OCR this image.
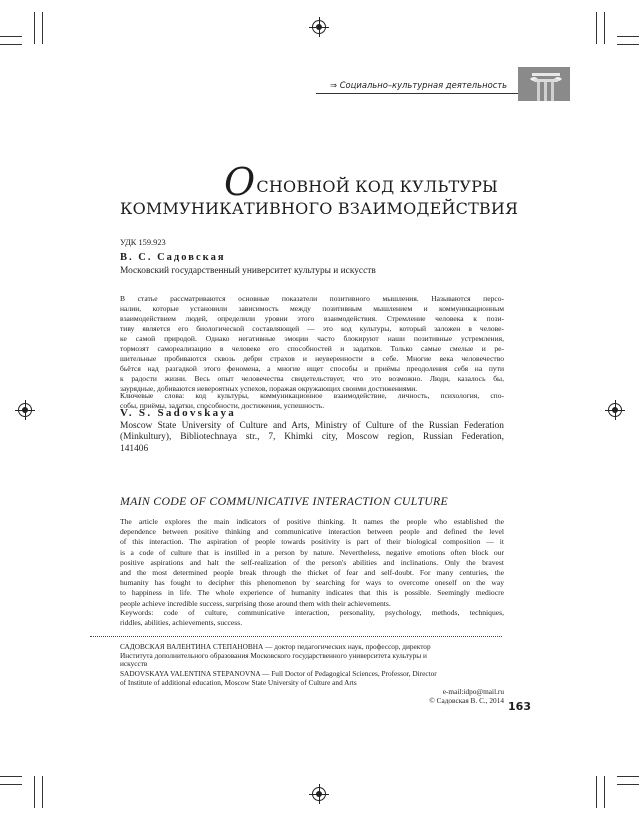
⇒ Социально–культурная деятельность
ОСНОВНОЙ КОД КУЛЬТУРЫ
КОММУНИКАТИВНОГО ВЗАИМОДЕЙСТВИЯ
УДК 159.923
В. С. Садовская
Московский государственный университет культуры и искусств
В статье рассматриваются основные показатели позитивного мышления. Называются персо-
налии, которые установили зависимость между позитивным мышлением и коммуникационным
взаимодействием людей, определили уровни этого взаимодействия. Стремление человека к пози-
тиву является его биологической составляющей — это код культуры, который заложен в челове-
ке самой природой. Однако негативные эмоции часто блокируют наши позитивные устремления,
тормозят самореализацию в человеке его способностей и задатков. Только самые смелые и ре-
шительные пробиваются сквозь дебри страхов и неуверенности в себе. Многие века человечество
бьётся над разгадкой этого феномена, а многие ищет способы и приёмы преодоления себя на пути
к радости жизни. Весь опыт человечества свидетельствует, что это возможно. Люди, казалось бы,
заурядные, добиваются невероятных успехов, поражая окружающих своими достижениями.
Ключевые слова: код культуры, коммуникационное взаимодействие, личность, психология, спо-
собы, приёмы, задатки, способности, достижения, успешность.
V. S. Sadovskaya
Moscow State University of Culture and Arts, Ministry of Culture of the Russian Federation
(Minkultury), Bibliotechnaya str., 7, Khimki city, Moscow region, Russian Federation,
141406
MAIN CODE OF COMMUNICATIVE INTERACTION CULTURE
The article explores the main indicators of positive thinking. It names the people who established the
dependence between positive thinking and communicative interaction between people and defined the level
of this interaction. The aspiration of people towards positivity is part of their biological composition — it
is a code of culture that is instilled in a person by nature. Nevertheless, negative emotions often block our
positive aspirations and halt the self-realization of the person's abilities and inclinations. Only the bravest
and the most determined people break through the thicket of fear and self-doubt. For many centuries, the
humanity has fought to decipher this phenomenon by searching for ways to overcome oneself on the way
to happiness in life. The whole experience of humanity indicates that this is possible. Seemingly mediocre
people achieve incredible success, surprising those around them with their achievements.
Keywords: code of culture, communicative interaction, personality, psychology, methods, techniques,
riddles, abilities, achievements, success.
САДОВСКАЯ ВАЛЕНТИНА СТЕПАНОВНА — доктор педагогических наук, профессор, директор
Института дополнительного образования Московского государственного университета культуры и
искусств
SADOVSKAYA VALENTINA STEPANOVNA — Full Doctor of Pedagogical Sciences, Professor, Director
of Institute of additional education, Moscow State University of Culture and Arts
e-mail:idpo@mail.ru
© Садовская В. С., 2014 163
